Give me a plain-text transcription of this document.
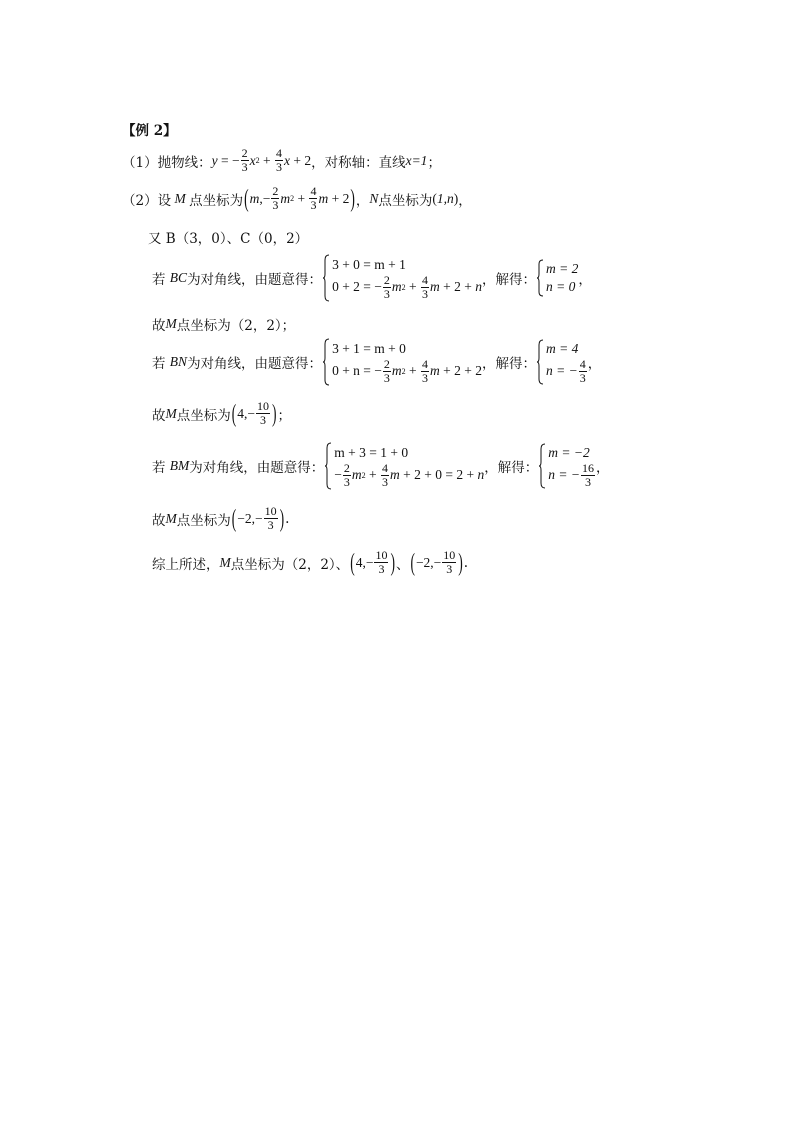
【例 2】
（1）抛物线： y = − $\frac{2}{3}$ x $2 + \frac{4}{3}$ x + 2 ，对称轴：直线 x=1 ；
（2）设 M 点坐标为 ( m ,− $\frac{2}{3}$ m $2 + \frac{4}{3}$ m + 2 ) ， N 点坐标为 ( 1,n ) ，
又
B（3，0）、C（0，2）
若
BC 为对角线，由题意得：
3 + 0 = m + 1
0 + 2 = − $\frac{2}{3}$ m $2 + \frac{4}{3}$ m + 2 + n ，解得：
m = 2
n = 0 ，
故 M 点坐标为（2，2）；
若
BN 为对角线，由题意得：
3 + 1 = m + 0
0 + n = − $\frac{2}{3}$ m $2 + \frac{4}{3}$ m + 2 + 2 ，解得：
m = 4
n = − $\frac{4}{3}$ ，
故 M 点坐标为 ( $4,- \frac{10}{3}$ ) ；
若
BM 为对角线，由题意得：
m + 3 = 1 + 0
− $\frac{2}{3}$ m $2 + \frac{4}{3}$ m + 2 + 0 = 2 + n ，解得：
m = −2
n = − $\frac{16}{3}$ ，
故 M 点坐标为 ( $-2,- \frac{10}{3}$ ) .
综上所述， M 点坐标为（2，2）、 ( $4,- \frac{10}{3}$ ) 、 ( $-2,- \frac{10}{3}$ ) .
